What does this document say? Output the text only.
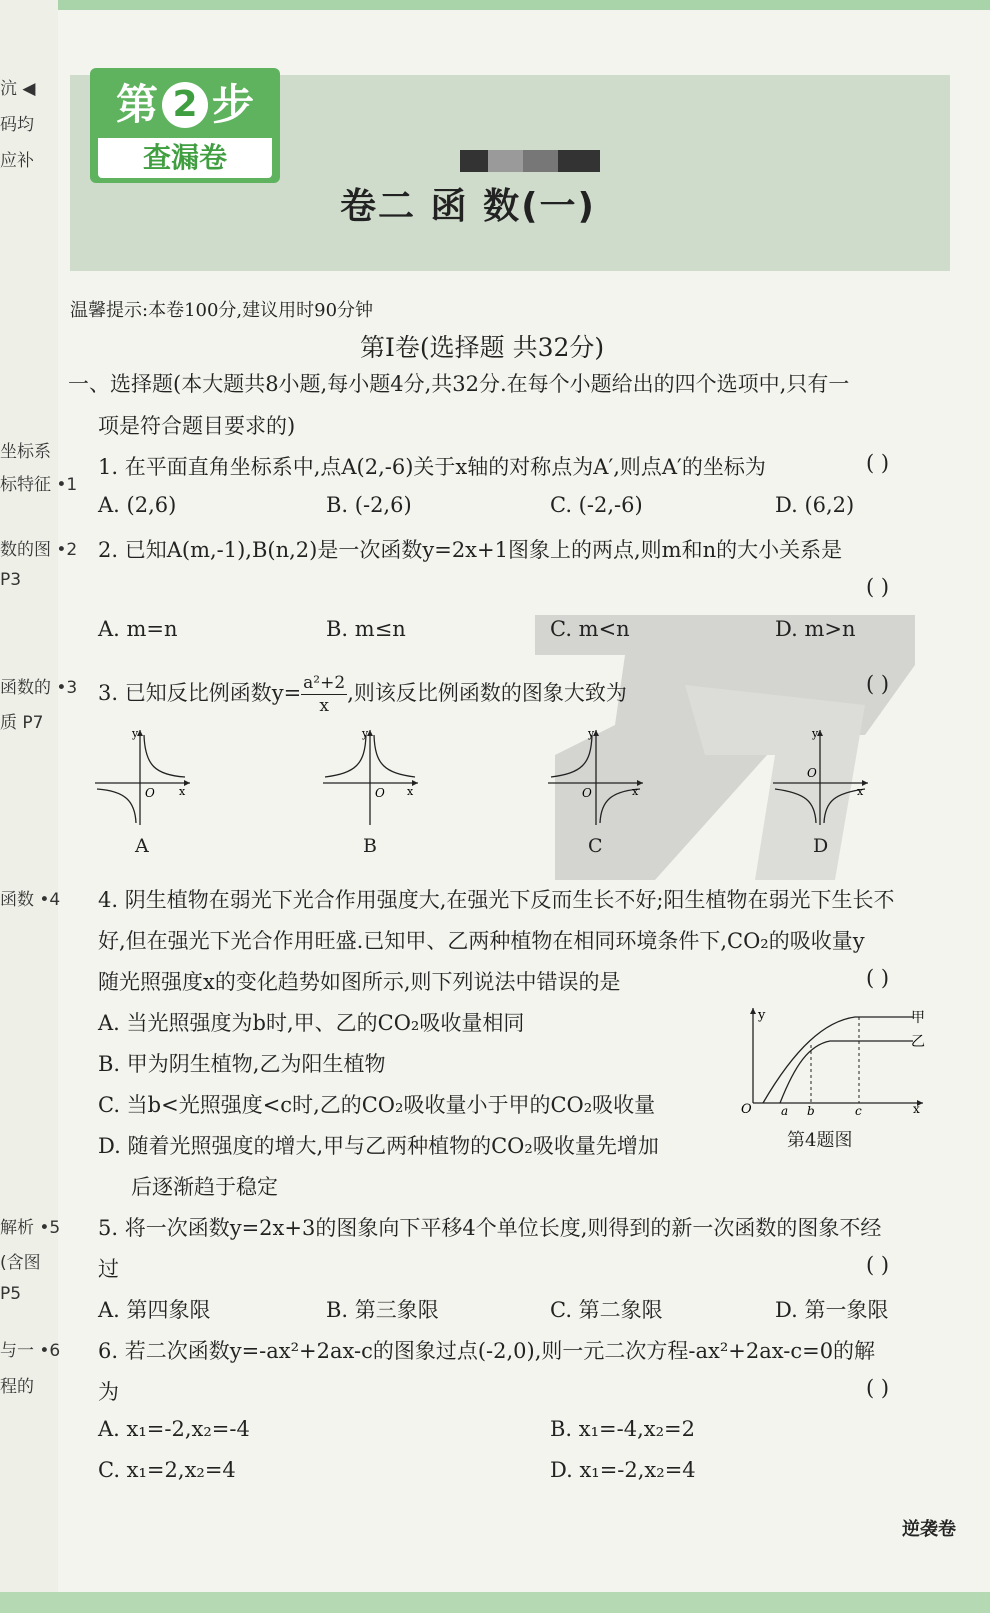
沆 ◀
码均
应补
坐标系
标特征 •1
数的图 •2
P3
函数的 •3
质 P7
函数 •4
解析 •5
(含图
P5
与一 •6
程的
第 2 步
查漏卷
卷二 函 数(一)
温馨提示:本卷100分,建议用时90分钟
第Ⅰ卷(选择题 共32分)
一、选择题(本大题共8小题,每小题4分,共32分.在每个小题给出的四个选项中,只有一
项是符合题目要求的)
1. 在平面直角坐标系中,点A(2,-6)关于x轴的对称点为A′,则点A′的坐标为	( )
A. (2,6)	B. (-2,6)	C. (-2,-6)	D. (6,2)
2. 已知A(m,-1),B(n,2)是一次函数y=2x+1图象上的两点,则m和n的大小关系是
( )
A. m=n	B. m≤n	C. m<n	D. m>n
3. 已知反比例函数$y= \frac{\text{a²+2}}{x}$ ,则该反比例函数的图象大致为	( )
y
x
O
A
y
x
O
B
y
x
O
C
y
x
O
D
4. 阴生植物在弱光下光合作用强度大,在强光下反而生长不好;阳生植物在弱光下生长不
好,但在强光下光合作用旺盛.已知甲、乙两种植物在相同环境条件下,CO₂的吸收量y
随光照强度x的变化趋势如图所示,则下列说法中错误的是	( )
A. 当光照强度为b时,甲、乙的CO₂吸收量相同
B. 甲为阴生植物,乙为阳生植物
C. 当b<光照强度<c时,乙的CO₂吸收量小于甲的CO₂吸收量
D. 随着光照强度的增大,甲与乙两种植物的CO₂吸收量先增加
后逐渐趋于稳定
O
y
x
a b	c
甲
乙
第4题图
5. 将一次函数y=2x+3的图象向下平移4个单位长度,则得到的新一次函数的图象不经
过	( )
A. 第四象限	B. 第三象限	C. 第二象限	D. 第一象限
6. 若二次函数y=-ax²+2ax-c的图象过点(-2,0),则一元二次方程-ax²+2ax-c=0的解
为	( )
A. x₁=-2,x₂=-4	B. x₁=-4,x₂=2
C. x₁=2,x₂=4	D. x₁=-2,x₂=4
逆袭卷
